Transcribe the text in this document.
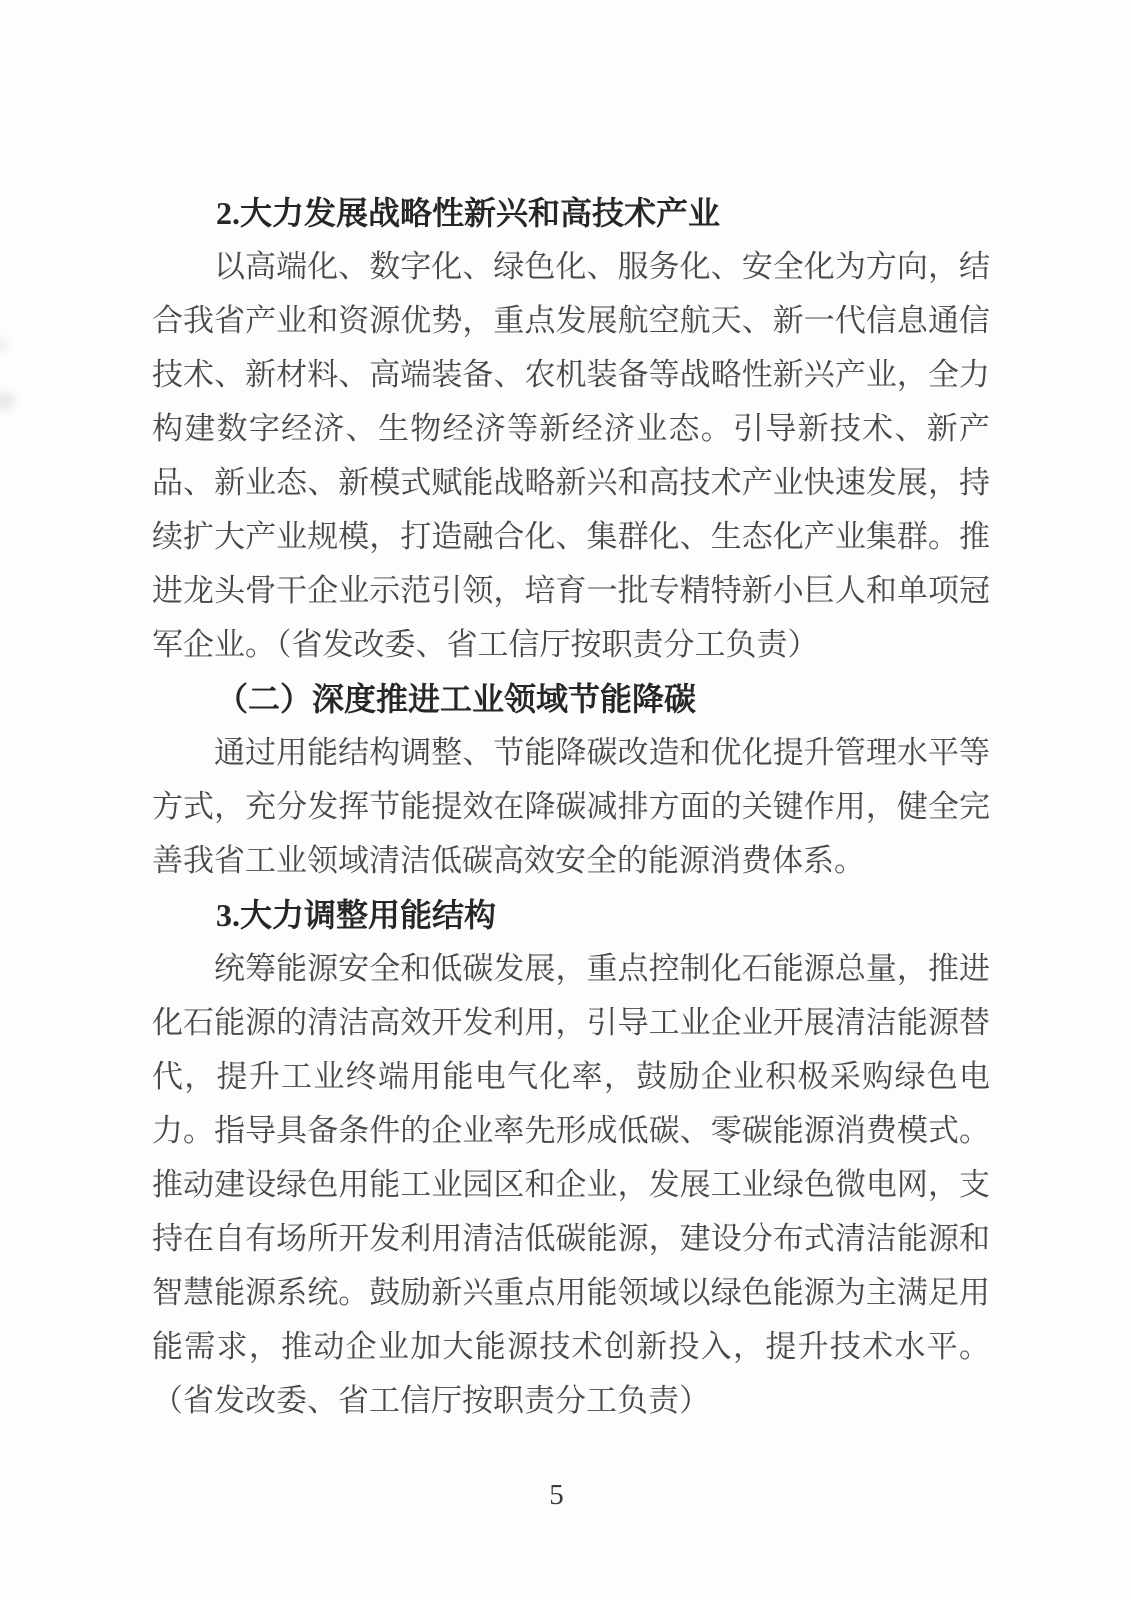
2.大力发展战略性新兴和高技术产业

以高端化、数字化、绿色化、服务化、安全化为方向，结合我省产业和资源优势，重点发展航空航天、新一代信息通信技术、新材料、高端装备、农机装备等战略性新兴产业，全力构建数字经济、生物经济等新经济业态。引导新技术、新产品、新业态、新模式赋能战略新兴和高技术产业快速发展，持续扩大产业规模，打造融合化、集群化、生态化产业集群。推进龙头骨干企业示范引领，培育一批专精特新小巨人和单项冠军企业。（省发改委、省工信厅按职责分工负责）

（二）深度推进工业领域节能降碳

通过用能结构调整、节能降碳改造和优化提升管理水平等方式，充分发挥节能提效在降碳减排方面的关键作用，健全完善我省工业领域清洁低碳高效安全的能源消费体系。

3.大力调整用能结构

统筹能源安全和低碳发展，重点控制化石能源总量，推进化石能源的清洁高效开发利用，引导工业企业开展清洁能源替代，提升工业终端用能电气化率，鼓励企业积极采购绿色电力。指导具备条件的企业率先形成低碳、零碳能源消费模式。推动建设绿色用能工业园区和企业，发展工业绿色微电网，支持在自有场所开发利用清洁低碳能源，建设分布式清洁能源和智慧能源系统。鼓励新兴重点用能领域以绿色能源为主满足用能需求，推动企业加大能源技术创新投入，提升技术水平。（省发改委、省工信厅按职责分工负责）

5
